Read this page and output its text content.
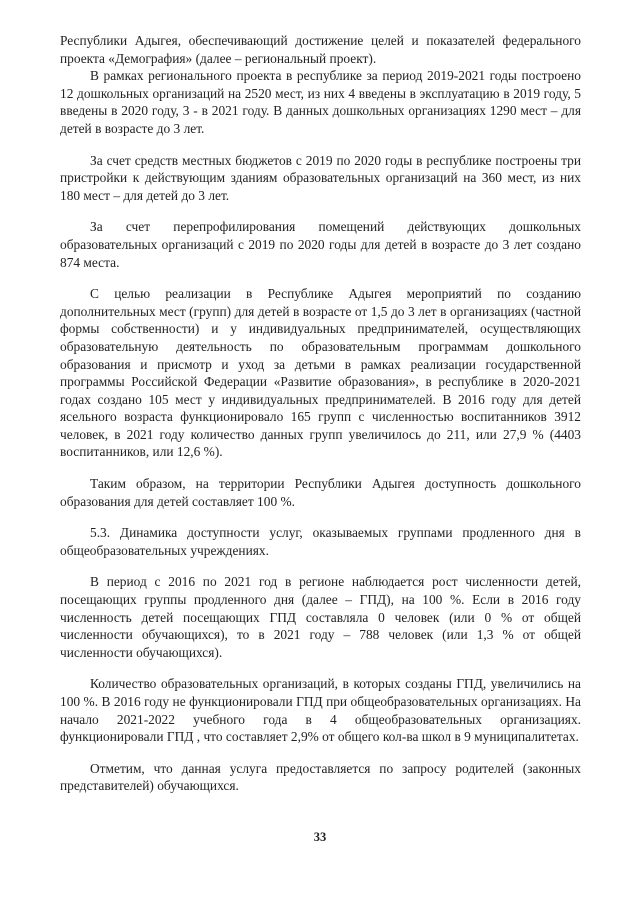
Республики Адыгея, обеспечивающий достижение целей и показателей федерального проекта «Демография» (далее – региональный проект).

В рамках регионального проекта в республике за период 2019-2021 годы построено 12 дошкольных организаций на 2520 мест, из них 4 введены в эксплуатацию в 2019 году, 5 введены в 2020 году, 3 - в 2021 году. В данных дошкольных организациях 1290 мест – для детей в возрасте до 3 лет.

За счет средств местных бюджетов с 2019 по 2020 годы в республике построены три пристройки к действующим зданиям образовательных организаций на 360 мест, из них 180 мест – для детей до 3 лет.

За счет перепрофилирования помещений действующих дошкольных образовательных организаций с 2019 по 2020 годы для детей в возрасте до 3 лет создано 874 места.

С целью реализации в Республике Адыгея мероприятий по созданию дополнительных мест (групп) для детей в возрасте от 1,5 до 3 лет в организациях (частной формы собственности) и у индивидуальных предпринимателей, осуществляющих образовательную деятельность по образовательным программам дошкольного образования и присмотр и уход за детьми в рамках реализации государственной программы Российской Федерации «Развитие образования», в республике в 2020-2021 годах создано 105 мест у индивидуальных предпринимателей. В 2016 году для детей ясельного возраста функционировало 165 групп с численностью воспитанников 3912 человек, в 2021 году количество данных групп увеличилось до 211, или 27,9 % (4403 воспитанников, или 12,6 %).

Таким образом, на территории Республики Адыгея доступность дошкольного образования для детей составляет 100 %.

5.3. Динамика доступности услуг, оказываемых группами продленного дня в общеобразовательных учреждениях.

В период с 2016 по 2021 год в регионе наблюдается рост численности детей, посещающих группы продленного дня (далее – ГПД), на 100 %. Если в 2016 году численность детей посещающих ГПД составляла 0 человек (или 0 % от общей численности обучающихся), то в 2021 году – 788 человек (или 1,3 % от общей численности обучающихся).

Количество образовательных организаций, в которых созданы ГПД, увеличились на 100 %. В 2016 году не функционировали ГПД при общеобразовательных организациях. На начало 2021-2022 учебного года в 4 общеобразовательных организациях. функционировали ГПД , что составляет 2,9% от общего кол-ва школ в 9 муниципалитетах.

Отметим, что данная услуга предоставляется по запросу родителей (законных представителей) обучающихся.

33
